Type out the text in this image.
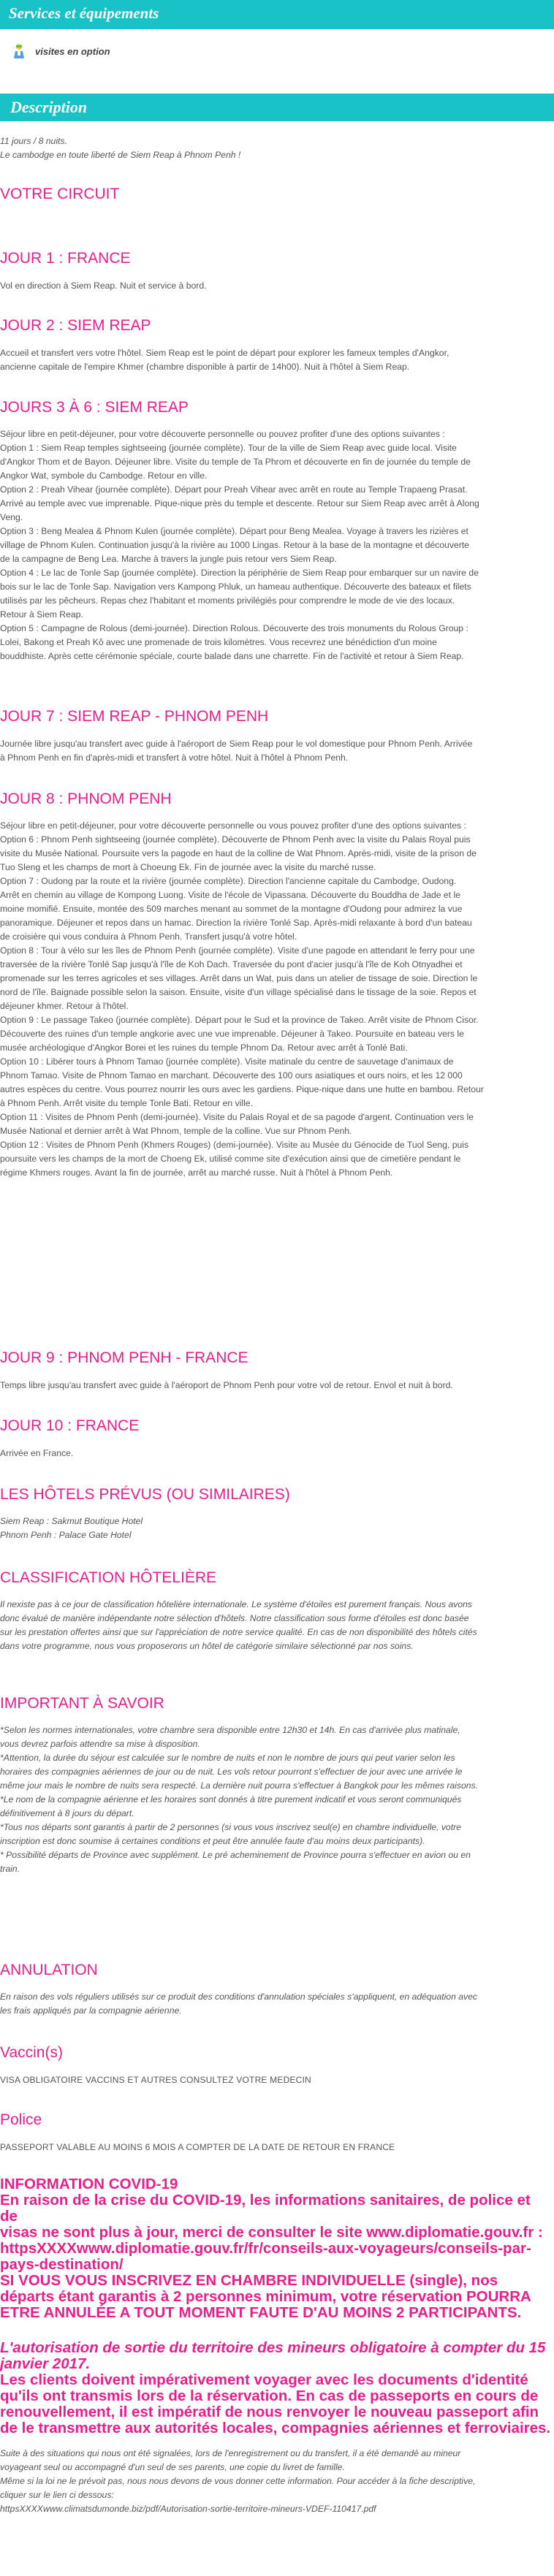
Services et équipements
visites en option
Description

11 jours / 8 nuits.
Le cambodge en toute liberté de Siem Reap à Phnom Penh !

VOTRE CIRCUIT
JOUR 1 : FRANCE

Vol en direction à Siem Reap. Nuit et service à bord.

JOUR 2 : SIEM REAP

Accueil et transfert vers votre l'hôtel. Siem Reap est le point de départ pour explorer les fameux temples d'Angkor,
ancienne capitale de l'empire Khmer (chambre disponible à partir de 14h00). Nuit à l'hôtel à Siem Reap.

JOURS 3 À 6 : SIEM REAP

Séjour libre en petit-déjeuner, pour votre découverte personnelle ou pouvez profiter d'une des options suivantes :
Option 1 : Siem Reap temples sightseeing (journée complète). Tour de la ville de Siem Reap avec guide local. Visite
d'Angkor Thom et de Bayon. Déjeuner libre. Visite du temple de Ta Phrom et découverte en fin de journée du temple de
Angkor Wat, symbole du Cambodge. Retour en ville.
Option 2 : Preah Vihear (journée complète). Départ pour Preah Vihear avec arrêt en route au Temple Trapaeng Prasat.
Arrivé au temple avec vue imprenable. Pique-nique près du temple et descente. Retour sur Siem Reap avec arrêt à Along
Veng.
Option 3 : Beng Mealea & Phnom Kulen (journée complète). Départ pour Beng Mealea. Voyage à travers les rizières et
village de Phnom Kulen. Continuation jusqu'à la rivière au 1000 Lingas. Retour à la base de la montagne et découverte
de la campagne de Beng Lea. Marche à travers la jungle puis retour vers Siem Reap.
Option 4 : Le lac de Tonle Sap (journée complète). Direction la périphérie de Siem Reap pour embarquer sur un navire de
bois sur le lac de Tonle Sap. Navigation vers Kampong Phluk, un hameau authentique. Découverte des bateaux et filets
utilisés par les pêcheurs. Repas chez l'habitant et moments privilégiés pour comprendre le mode de vie des locaux.
Retour à Siem Reap.
Option 5 : Campagne de Rolous (demi-journée). Direction Rolous. Découverte des trois monuments du Rolous Group :
Lolei, Bakong et Preah Kô avec une promenade de trois kilomètres. Vous recevrez une bénédiction d'un moine
bouddhiste. Après cette cérémonie spéciale, courte balade dans une charrette. Fin de l'activité et retour à Siem Reap.

JOUR 7 : SIEM REAP - PHNOM PENH

Journée libre jusqu'au transfert avec guide à l'aéroport de Siem Reap pour le vol domestique pour Phnom Penh. Arrivée
à Phnom Penh en fin d'après-midi et transfert à votre hôtel. Nuit à l'hôtel à Phnom Penh.

JOUR 8 : PHNOM PENH

Séjour libre en petit-déjeuner, pour votre découverte personnelle ou vous pouvez profiter d'une des options suivantes :
Option 6 : Phnom Penh sightseeing (journée complète). Découverte de Phnom Penh avec la visite du Palais Royal puis
visite du Musée National. Poursuite vers la pagode en haut de la colline de Wat Phnom. Après-midi, visite de la prison de
Tuo Sleng et les champs de mort à Choeung Ek. Fin de journée avec la visite du marché russe.
Option 7 : Oudong par la route et la rivière (journée complète). Direction l'ancienne capitale du Cambodge, Oudong.
Arrêt en chemin au village de Kompong Luong. Visite de l'école de Vipassana. Découverte du Bouddha de Jade et le
moine momifié. Ensuite, montée des 509 marches menant au sommet de la montagne d'Oudong pour admirez la vue
panoramique. Déjeuner et repos dans un hamac. Direction la rivière Tonlé Sap. Après-midi relaxante à bord d'un bateau
de croisière qui vous conduira à Phnom Penh. Transfert jusqu'à votre hôtel.
Option 8 : Tour à vélo sur les îles de Phnom Penh (journée complète). Visite d'une pagode en attendant le ferry pour une
traversée de la rivière Tonlé Sap jusqu'à l'île de Koh Dach. Traversée du pont d'acier jusqu'à l'île de Koh Otnyadhei et
promenade sur les terres agricoles et ses villages. Arrêt dans un Wat, puis dans un atelier de tissage de soie. Direction le
nord de l'île. Baignade possible selon la saison. Ensuite, visite d'un village spécialisé dans le tissage de la soie. Repos et
déjeuner khmer. Retour à l'hôtel.
Option 9 : Le passage Takeo (journée complète). Départ pour le Sud et la province de Takeo. Arrêt visite de Phnom Cisor.
Découverte des ruines d'un temple angkorie avec une vue imprenable. Déjeuner à Takeo. Poursuite en bateau vers le
musée archéologique d'Angkor Borei et les ruines du temple Phnom Da. Retour avec arrêt à Tonlé Bati.
Option 10 : Libérer tours à Phnom Tamao (journée complète). Visite matinale du centre de sauvetage d'animaux de
Phnom Tamao. Visite de Phnom Tamao en marchant. Découverte des 100 ours asiatiques et ours noirs, et les 12 000
autres espèces du centre. Vous pourrez nourrir les ours avec les gardiens. Pique-nique dans une hutte en bambou. Retour
à Phnom Penh. Arrêt visite du temple Tonle Bati. Retour en ville.
Option 11 : Visites de Phnom Penh (demi-journée). Visite du Palais Royal et de sa pagode d'argent. Continuation vers le
Musée National et dernier arrêt à Wat Phnom, temple de la colline. Vue sur Phnom Penh.
Option 12 : Visites de Phnom Penh (Khmers Rouges) (demi-journée). Visite au Musée du Génocide de Tuol Seng, puis
poursuite vers les champs de la mort de Choeng Ek, utilisé comme site d'exécution ainsi que de cimetière pendant le
régime Khmers rouges. Avant la fin de journée, arrêt au marché russe. Nuit à l'hôtel à Phnom Penh.

JOUR 9 : PHNOM PENH - FRANCE

Temps libre jusqu'au transfert avec guide à l'aéroport de Phnom Penh pour votre vol de retour. Envol et nuit à bord.

JOUR 10 : FRANCE

Arrivée en France.

LES HÔTELS PRÉVUS (OU SIMILAIRES)

Siem Reap : Sakmut Boutique Hotel
Phnom Penh : Palace Gate Hotel

CLASSIFICATION HÔTELIÈRE

Il nexiste pas à ce jour de classification hôtelière internationale. Le système d'étoiles est purement français. Nous avons
donc évalué de manière indépendante notre sélection d'hôtels. Notre classification sous forme d'étoiles est donc basée
sur les prestation offertes ainsi que sur l'appréciation de notre service qualité. En cas de non disponibilité des hôtels cités
dans votre programme, nous vous proposerons un hôtel de catégorie similaire sélectionné par nos soins.

IMPORTANT À SAVOIR

*Selon les normes internationales, votre chambre sera disponible entre 12h30 et 14h. En cas d'arrivée plus matinale,
vous devrez parfois attendre sa mise à disposition.
*Attention, la durée du séjour est calculée sur le nombre de nuits et non le nombre de jours qui peut varier selon les
horaires des compagnies aériennes de jour ou de nuit. Les vols retour pourront s'effectuer de jour avec une arrivée le
même jour mais le nombre de nuits sera respecté. La dernière nuit pourra s'effectuer à Bangkok pour les mêmes raisons.
*Le nom de la compagnie aérienne et les horaires sont donnés à titre purement indicatif et vous seront communiqués
définitivement à 8 jours du départ.
*Tous nos départs sont garantis à partir de 2 personnes (si vous vous inscrivez seul(e) en chambre individuelle, votre
inscription est donc soumise à certaines conditions et peut être annulée faute d'au moins deux participants).
* Possibilité départs de Province avec supplément. Le pré acheminement de Province pourra s'effectuer en avion ou en
train.

ANNULATION

En raison des vols réguliers utilisés sur ce produit des conditions d'annulation spéciales s'appliquent, en adéquation avec
les frais appliqués par la compagnie aérienne.

Vaccin(s)

VISA OBLIGATOIRE VACCINS ET AUTRES CONSULTEZ VOTRE MEDECIN

Police

PASSEPORT VALABLE AU MOINS 6 MOIS A COMPTER DE LA DATE DE RETOUR EN FRANCE

INFORMATION COVID-19

En raison de la crise du COVID-19, les informations sanitaires, de police et de
visas ne sont plus à jour, merci de consulter le site www.diplomatie.gouv.fr :
httpsXXXXwww.diplomatie.gouv.fr/fr/conseils-aux-voyageurs/conseils-par-
pays-destination/
SI VOUS VOUS INSCRIVEZ EN CHAMBRE INDIVIDUELLE (single), nos
départs étant garantis à 2 personnes minimum, votre réservation POURRA
ETRE ANNULÉE A TOUT MOMENT FAUTE D'AU MOINS 2 PARTICIPANTS.

L'autorisation de sortie du territoire des mineurs obligatoire à compter du 15
janvier 2017.

Les clients doivent impérativement voyager avec les documents d'identité
qu'ils ont transmis lors de la réservation. En cas de passeports en cours de
renouvellement, il est impératif de nous renvoyer le nouveau passeport afin
de le transmettre aux autorités locales, compagnies aériennes et ferroviaires.

Suite à des situations qui nous ont été signalées, lors de l'enregistrement ou du transfert, il a été demandé au mineur
voyageant seul ou accompagné d'un seul de ses parents, une copie du livret de famille.
Même si la loi ne le prévoit pas, nous nous devons de vous donner cette information. Pour accéder à la fiche descriptive,
cliquer sur le lien ci dessous:
httpsXXXXwww.climatsdumonde.biz/pdf/Autorisation-sortie-territoire-mineurs-VDEF-110417.pdf
